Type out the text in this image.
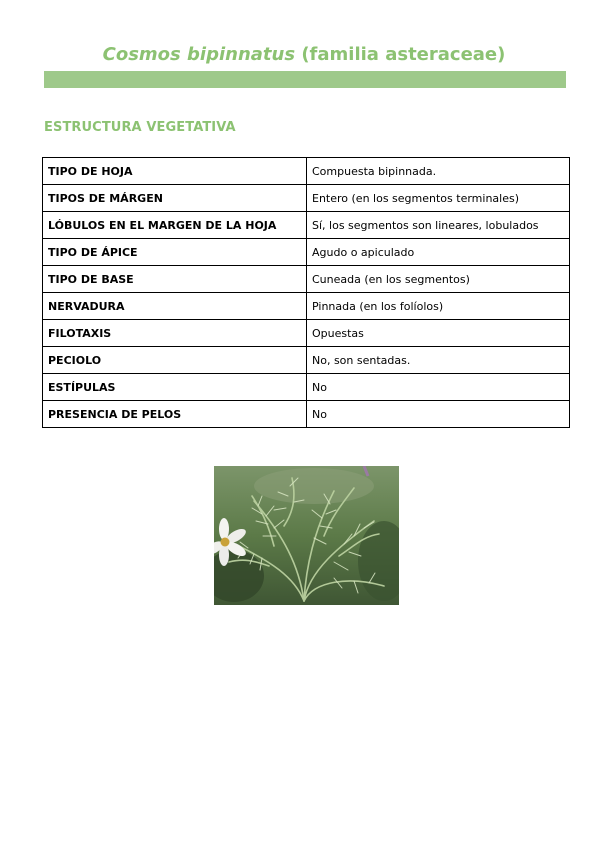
Cosmos bipinnatus (familia asteraceae)
ESTRUCTURA VEGETATIVA
TIPO DE HOJA	Compuesta bipinnada.
TIPOS DE MÁRGEN	Entero (en los segmentos terminales)
LÓBULOS EN EL MARGEN DE LA HOJA	Sí, los segmentos son lineares, lobulados
TIPO DE ÁPICE	Agudo o apiculado
TIPO DE BASE	Cuneada (en los segmentos)
NERVADURA	Pinnada (en los folíolos)
FILOTAXIS	Opuestas
PECIOLO	No, son sentadas.
ESTÍPULAS	No
PRESENCIA DE PELOS	No
